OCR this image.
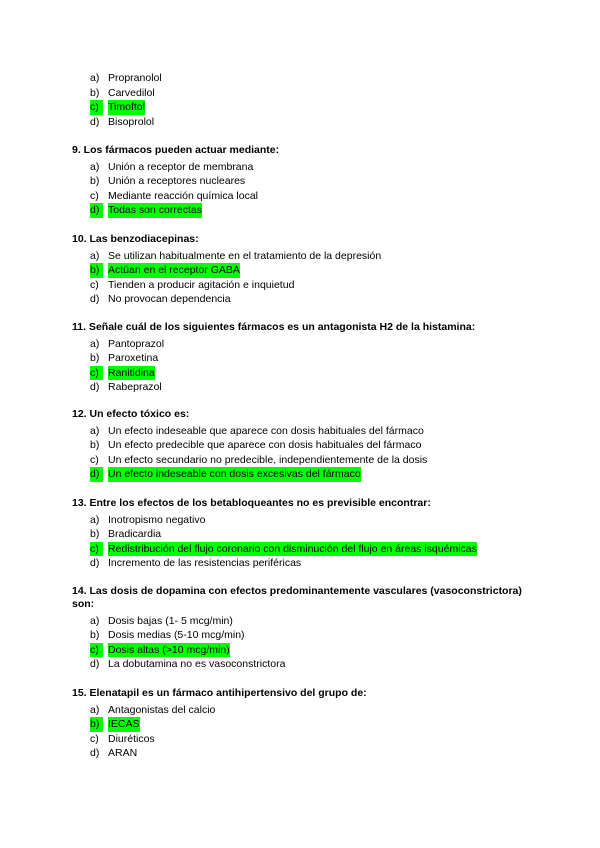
a) Propranolol
b) Carvedilol
c) Timoftol
d) Bisoprolol
9. Los fármacos pueden actuar mediante:
a) Unión a receptor de membrana
b) Unión a receptores nucleares
c) Mediante reacción química local
d) Todas son correctas
10. Las benzodiacepinas:
a) Se utilizan habitualmente en el tratamiento de la depresión
b) Actúan en el receptor GABA
c) Tienden a producir agitación e inquietud
d) No provocan dependencia
11. Señale cuál de los siguientes fármacos es un antagonista H2 de la histamina:
a) Pantoprazol
b) Paroxetina
c) Ranitidina
d) Rabeprazol
12. Un efecto tóxico es:
a) Un efecto indeseable que aparece con dosis habituales del fármaco
b) Un efecto predecible que aparece con dosis habituales del fármaco
c) Un efecto secundario no predecible, independientemente de la dosis
d) Un efecto indeseable con dosis excesivas del fármaco
13. Entre los efectos de los betabloqueantes no es previsible encontrar:
a) Inotropismo negativo
b) Bradicardia
c) Redistribución del flujo coronario con disminución del flujo en áreas isquémicas
d) Incremento de las resistencias periféricas
14. Las dosis de dopamina con efectos predominantemente vasculares (vasoconstrictora) son:
a) Dosis bajas (1- 5 mcg/min)
b) Dosis medias (5-10 mcg/min)
c) Dosis altas (>10 mcg/min)
d) La dobutamina no es vasoconstrictora
15. Elenatapil es un fármaco antihipertensivo del grupo de:
a) Antagonistas del calcio
b) IECAS
c) Diuréticos
d) ARAN
